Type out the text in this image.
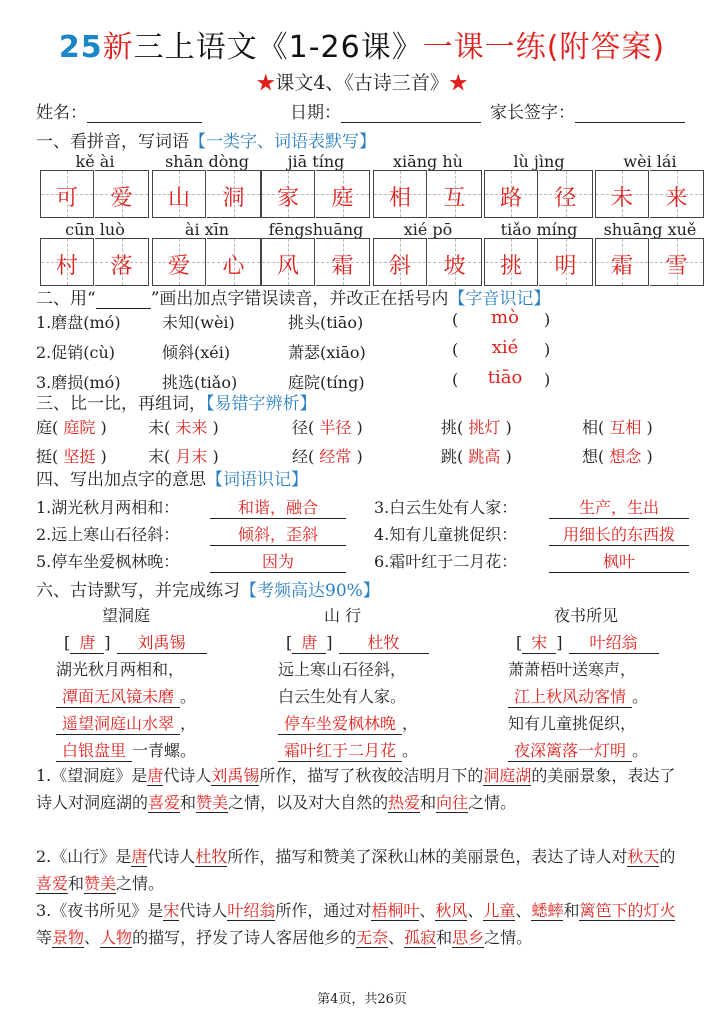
25新三上语文《1-26课》一课一练(附答案)
★课文4、《古诗三首》★
姓名：	日期：	家长签字：
一、看拼音，写词语【一类字、词语表默写】
kě ài
可	爱
shān dòng
山	洞
jiā tíng
家	庭
xiāng hù
相	互
lù jìng
路	径
wèi lái
未	来
cūn luò
村	落
ài xīn
爱	心
fēngshuāng
风	霜
xié pō
斜	坡
tiǎo míng
挑	明
shuāng xuě
霜	雪
二、用“	”画出加点字错误读音，并改正在括号内【字音识记】
1.磨盘(mó)	未知(wèi)	挑头(tiāo)	(	mò	)
2.促销(cù)	倾斜(xéi)	萧瑟(xiāo)	(	xié	)
3.磨损(mó)	挑选(tiǎo)	庭院(tíng)	(	tiāo	)
三、比一比，再组词，【易错字辨析】
庭( 庭院 )	未( 未来 )	径( 半径 )	挑( 挑灯 )	相( 互相 )
挺( 坚挺 )	末( 月末 )	经( 经常 )	跳( 跳高 )	想( 想念 )
四、写出加点字的意思【词语识记】
1.湖光秋月两相和：	和谐，融合	3.白云生处有人家：	生产，生出
2.远上寒山石径斜：	倾斜，歪斜	4.知有儿童挑促织：	用细长的东西拨
5.停车坐爱枫林晚：	因为	6.霜叶红于二月花：	枫叶
六、古诗默写，并完成练习【考频高达90%】
望洞庭
[ 唐 ] 刘禹锡
湖光秋月两相和，
潭面无风镜未磨 。
遥望洞庭山水翠 ，
白银盘里 一青螺。
山 行
[ 唐 ] 杜牧
远上寒山石径斜，
白云生处有人家。
停车坐爱枫林晚 ，
霜叶红于二月花 。
夜书所见
[ 宋 ] 叶绍翁
萧萧梧叶送寒声，
江上秋风动客情 。
知有儿童挑促织，
夜深篱落一灯明 。
1.《望洞庭》是唐代诗人刘禹锡所作，描写了秋夜皎洁明月下的洞庭湖的美丽景象，表达了诗人对洞庭湖的喜爱和赞美之情，以及对大自然的热爱和向往之情。
2.《山行》是唐代诗人杜牧所作，描写和赞美了深秋山林的美丽景色，表达了诗人对秋天的喜爱和赞美之情。
3.《夜书所见》是宋代诗人叶绍翁所作，通过对梧桐叶、秋风、儿童、蟋蟀和篱笆下的灯火等景物、人物的描写，抒发了诗人客居他乡的无奈、孤寂和思乡之情。
第4页，共26页
